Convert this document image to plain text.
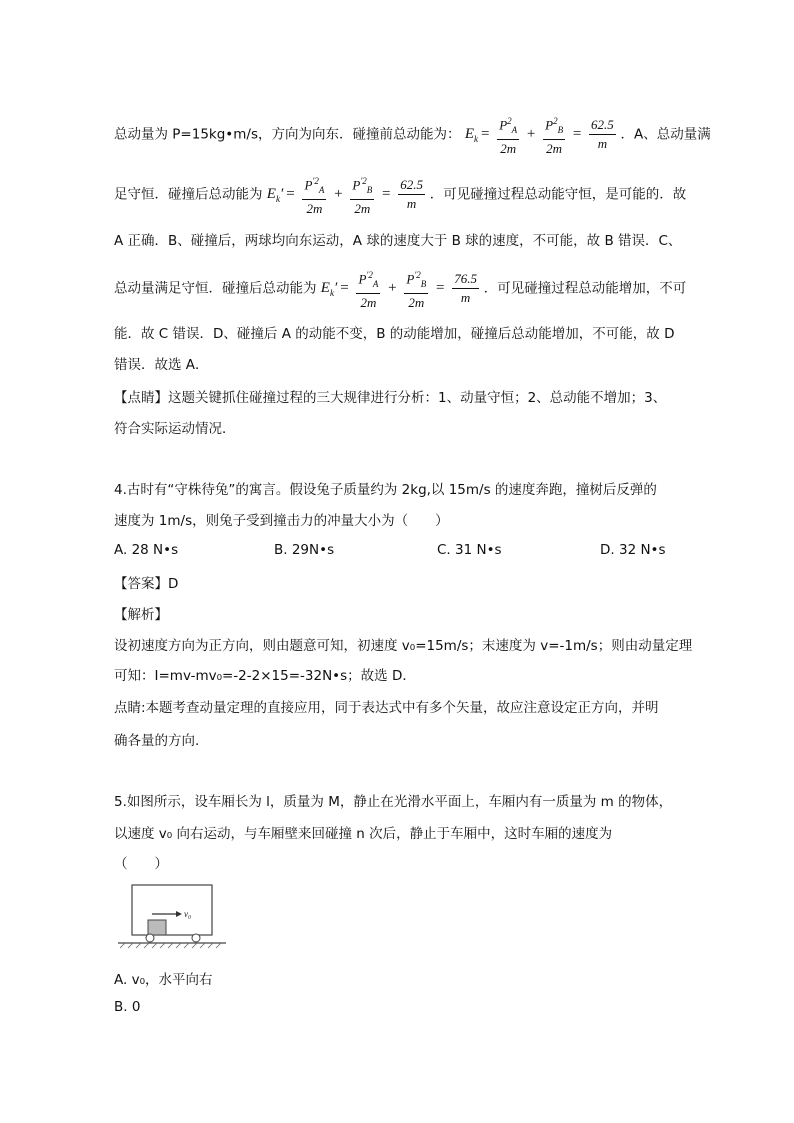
总动量为 P=15kg•m/s，方向为向东．碰撞前总动能为： $E_k = \frac{P^2_A}{2m} + \frac{P^2_B}{2m} = \frac{62.5}{m}$ ．A、总动量满
足守恒．碰撞后总动能为 $E_k' = \frac{P^{'2}_A}{2m} + \frac{P^{'2}_B}{2m} = \frac{62.5}{m}$ ．可见碰撞过程总动能守恒，是可能的．故
A 正确．B、碰撞后，两球均向东运动，A 球的速度大于 B 球的速度，不可能，故 B 错误．C、
总动量满足守恒．碰撞后总动能为 $E_k' = \frac{P^{'2}_A}{2m} + \frac{P^{'2}_B}{2m} = \frac{76.5}{m}$ ．可见碰撞过程总动能增加，不可
能．故 C 错误．D、碰撞后 A 的动能不变，B 的动能增加，碰撞后总动能增加，不可能，故 D
错误．故选 A．
【点睛】这题关键抓住碰撞过程的三大规律进行分析：1、动量守恒；2、总动能不增加；3、
符合实际运动情况．
4.古时有“守株待兔”的寓言。假设兔子质量约为 2kg,以 15m/s 的速度奔跑，撞树后反弹的
速度为 1m/s，则兔子受到撞击力的冲量大小为（　　）
A. 28 N•s	B. 29N•s	C. 31 N•s	D. 32 N•s
【答案】D
【解析】
设初速度方向为正方向，则由题意可知，初速度 v₀=15m/s；末速度为 v=-1m/s；则由动量定理
可知：I=mv-mv₀=-2-2×15=-32N•s；故选 D．
点睛:本题考查动量定理的直接应用，同于表达式中有多个矢量，故应注意设定正方向，并明
确各量的方向.
5.如图所示，设车厢长为 l，质量为 M，静止在光滑水平面上，车厢内有一质量为 m 的物体，
以速度 v₀ 向右运动，与车厢壁来回碰撞 n 次后，静止于车厢中，这时车厢的速度为
（　　）
v₀
A. v₀，水平向右
B. 0
